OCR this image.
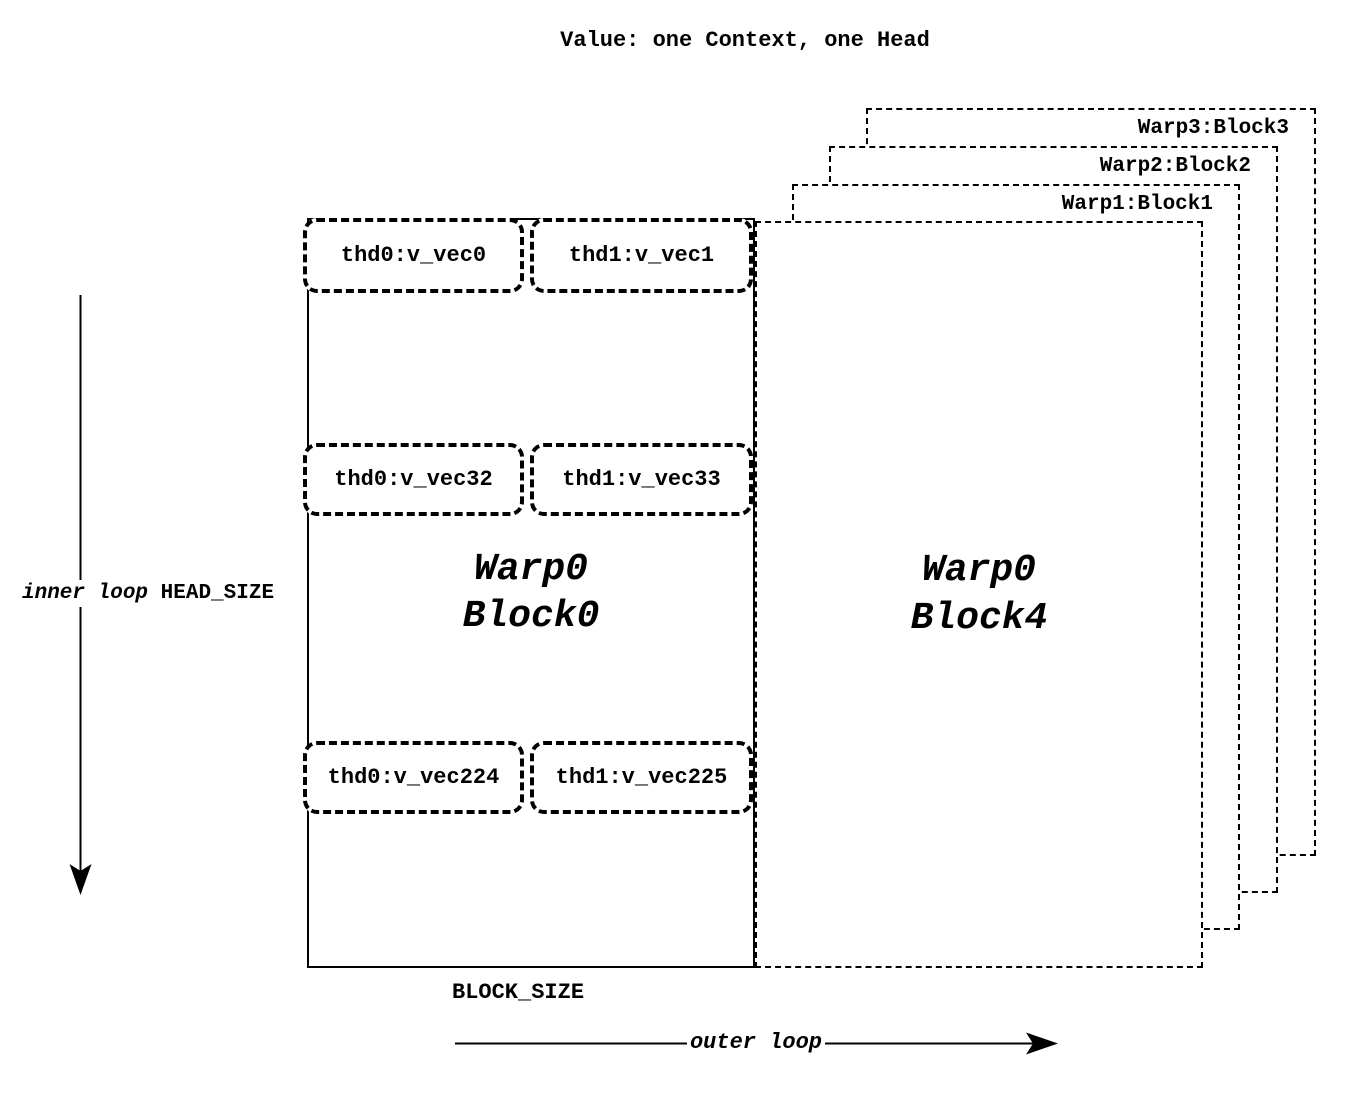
Value: one Context, one Head
Warp3:Block3
Warp2:Block2
Warp1:Block1
Warp0
Block4
Warp0
Block0
thd0:v_vec0	thd1:v_vec1
thd0:v_vec32	thd1:v_vec33
thd0:v_vec224	thd1:v_vec225
inner loop HEAD_SIZE
BLOCK_SIZE
outer loop
